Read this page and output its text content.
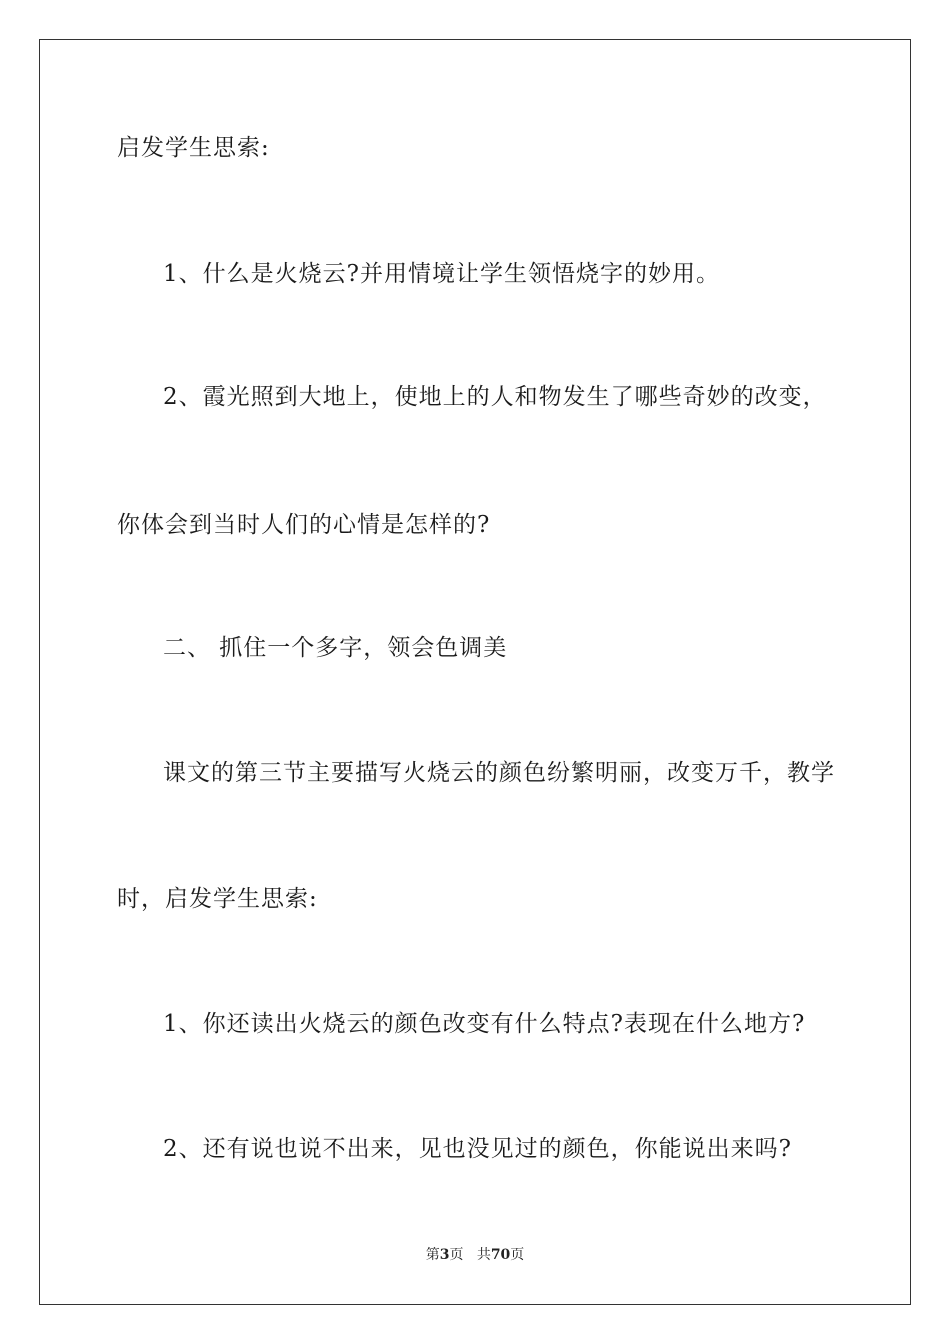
启发学生思索:
1、什么是火烧云?并用情境让学生领悟烧字的妙用。
2、霞光照到大地上，使地上的人和物发生了哪些奇妙的改变，
你体会到当时人们的心情是怎样的?
二、 抓住一个多字，领会色调美
课文的第三节主要描写火烧云的颜色纷繁明丽，改变万千，教学
时，启发学生思索:
1、你还读出火烧云的颜色改变有什么特点?表现在什么地方?
2、还有说也说不出来，见也没见过的颜色，你能说出来吗?
第3页 共70页
